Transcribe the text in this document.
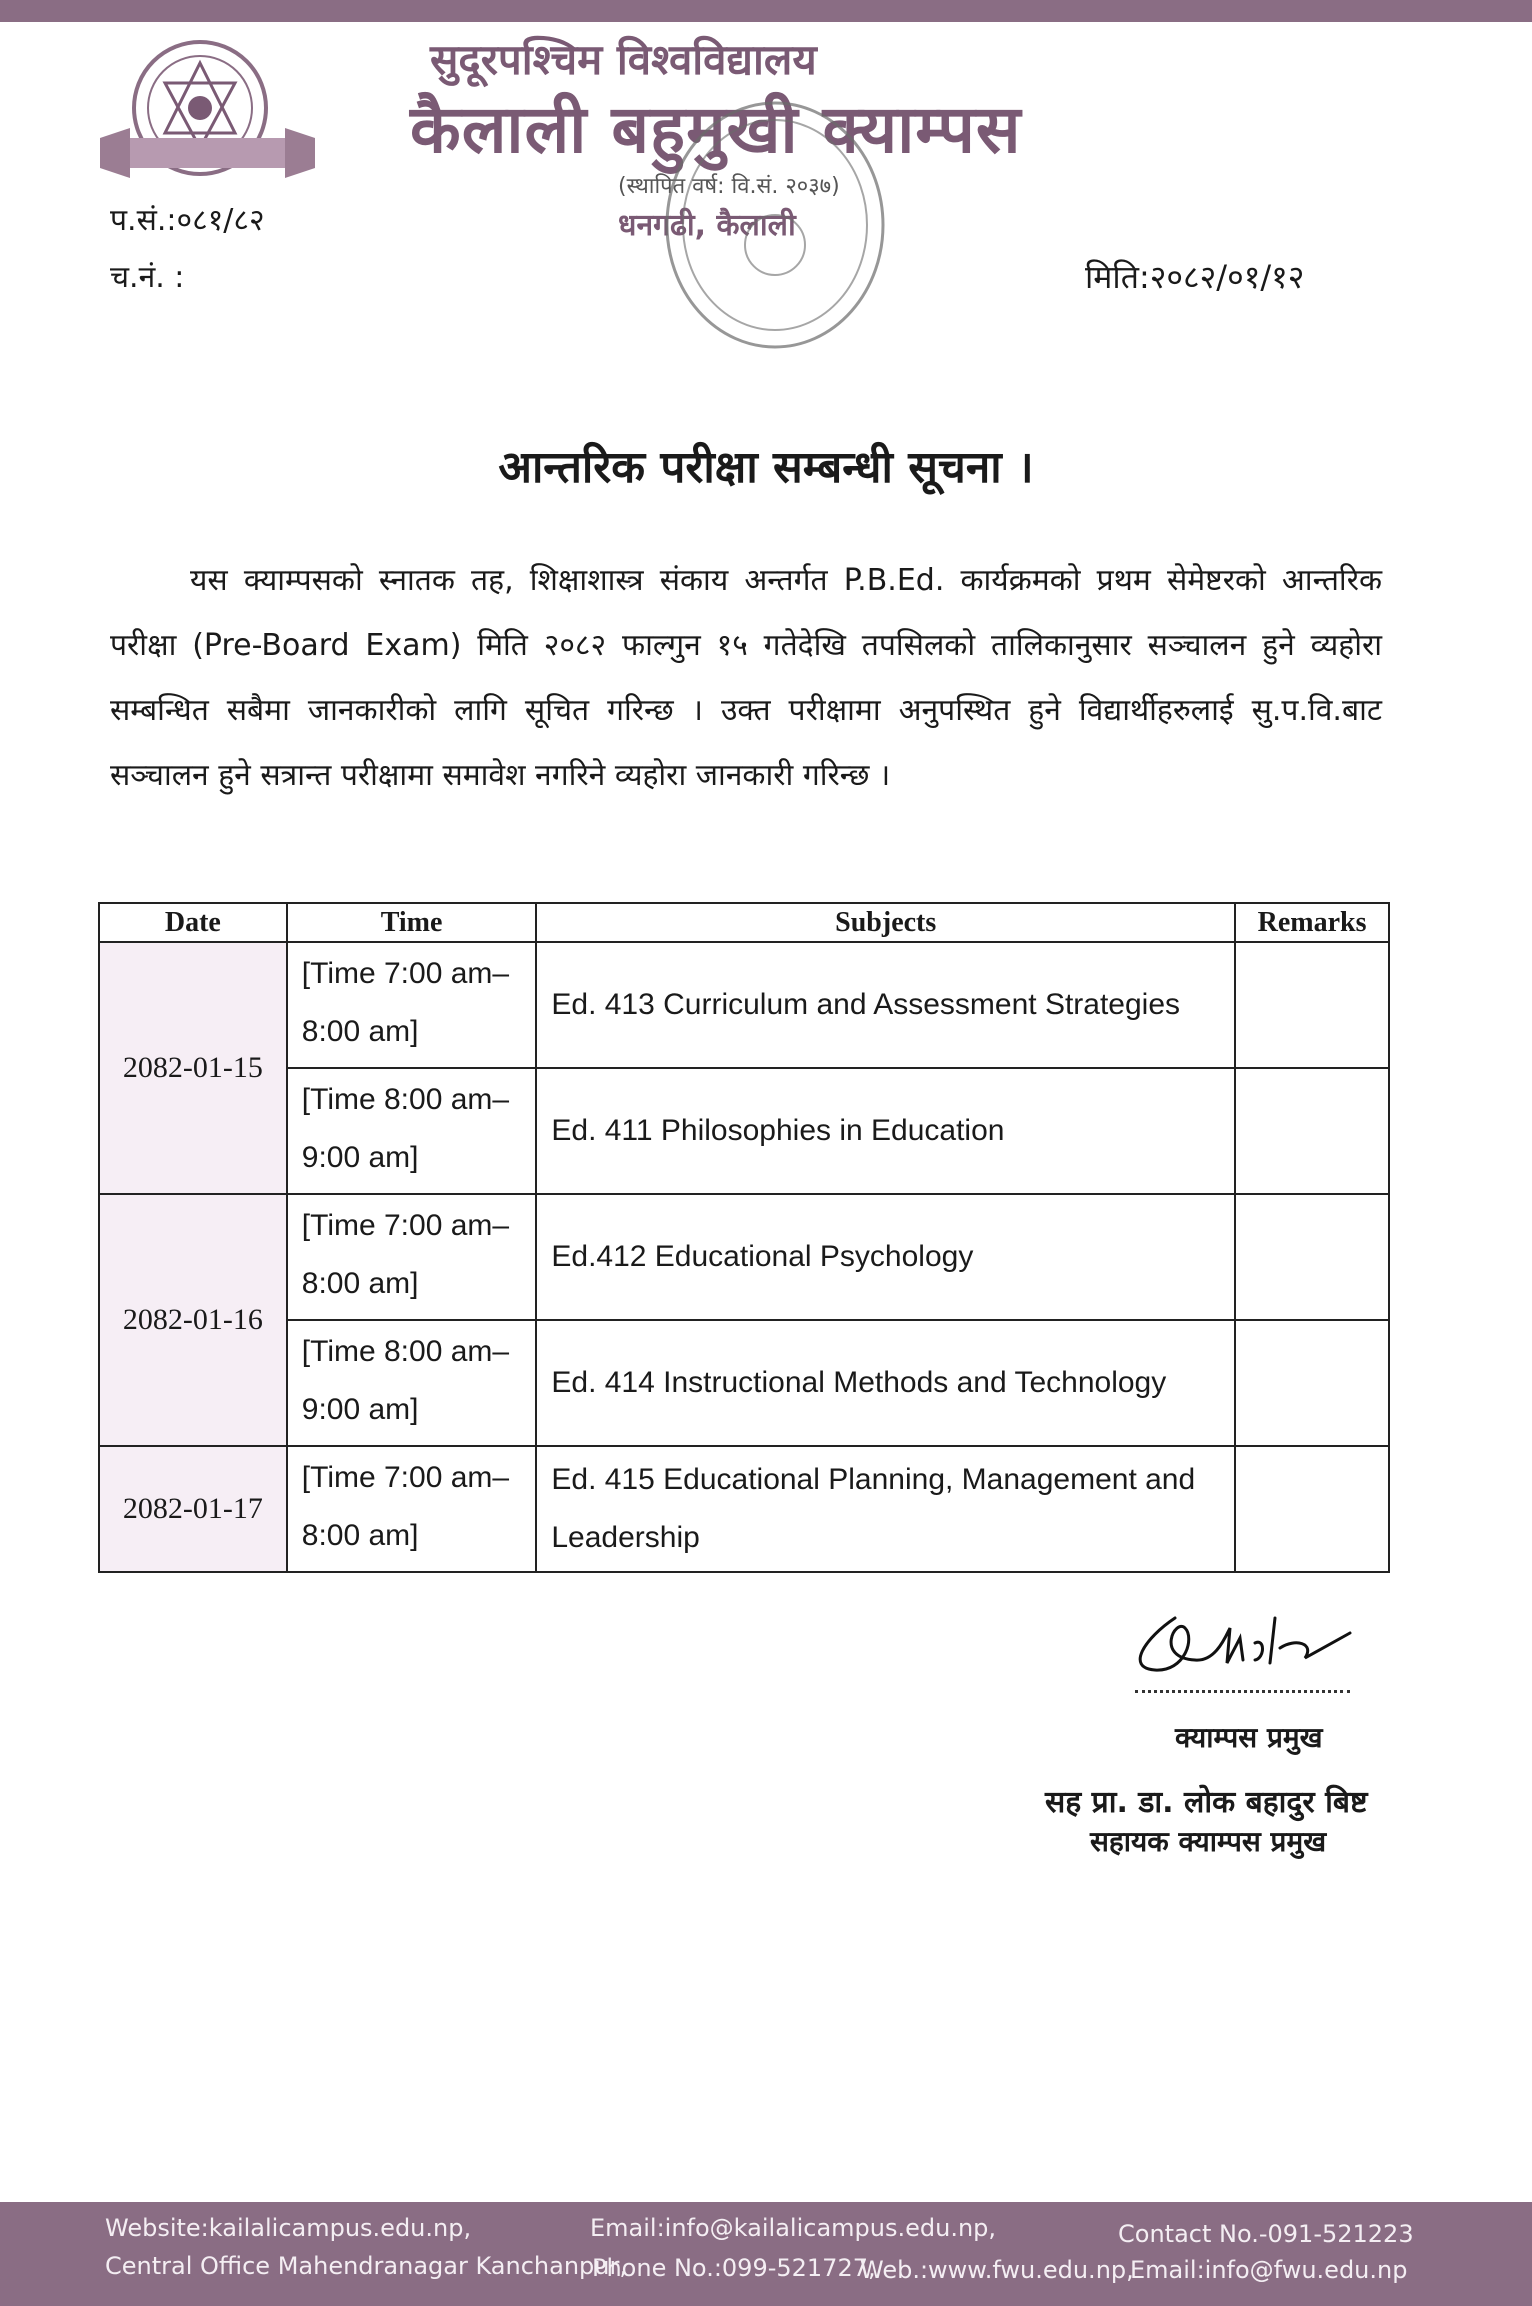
सुदूरपश्चिम विश्वविद्यालय
कैलाली बहुमुखी क्याम्पस
(स्थापित वर्ष: वि.सं. २०३७)
धनगढी, कैलाली
प.सं.:०८१/८२
च.नं. :	मिति:२०८२/०१/१२
आन्तरिक परीक्षा सम्बन्धी सूचना ।

यस क्याम्पसको स्नातक तह, शिक्षाशास्त्र संकाय अन्तर्गत P.B.Ed. कार्यक्रमको प्रथम सेमेष्टरको आन्तरिक परीक्षा (Pre-Board Exam) मिति २०८२ फाल्गुन १५ गतेदेखि तपसिलको तालिकानुसार सञ्चालन हुने व्यहोरा सम्बन्धित सबैमा जानकारीको लागि सूचित गरिन्छ । उक्त परीक्षामा अनुपस्थित हुने विद्यार्थीहरुलाई सु.प.वि.बाट सञ्चालन हुने सत्रान्त परीक्षामा समावेश नगरिने व्यहोरा जानकारी गरिन्छ ।

Date	Time	Subjects	Remarks
2082-01-15	[Time 7:00 am–8:00 am]	Ed. 413 Curriculum and Assessment Strategies	
	[Time 8:00 am–9:00 am]	Ed. 411 Philosophies in Education	
2082-01-16	[Time 7:00 am–8:00 am]	Ed.412 Educational Psychology	
	[Time 8:00 am–9:00 am]	Ed. 414 Instructional Methods and Technology	
2082-01-17	[Time 7:00 am–8:00 am]	Ed. 415 Educational Planning, Management and Leadership	
क्याम्पस प्रमुख
सह प्रा. डा. लोक बहादुर बिष्ट
सहायक क्याम्पस प्रमुख
Website:kailalicampus.edu.np,	Email:info@kailalicampus.edu.np,	Contact No.-091-521223
Central Office Mahendranagar Kanchanpur,
Phone No.:099-521727,
Web.:www.fwu.edu.np,
Email:info@fwu.edu.np
